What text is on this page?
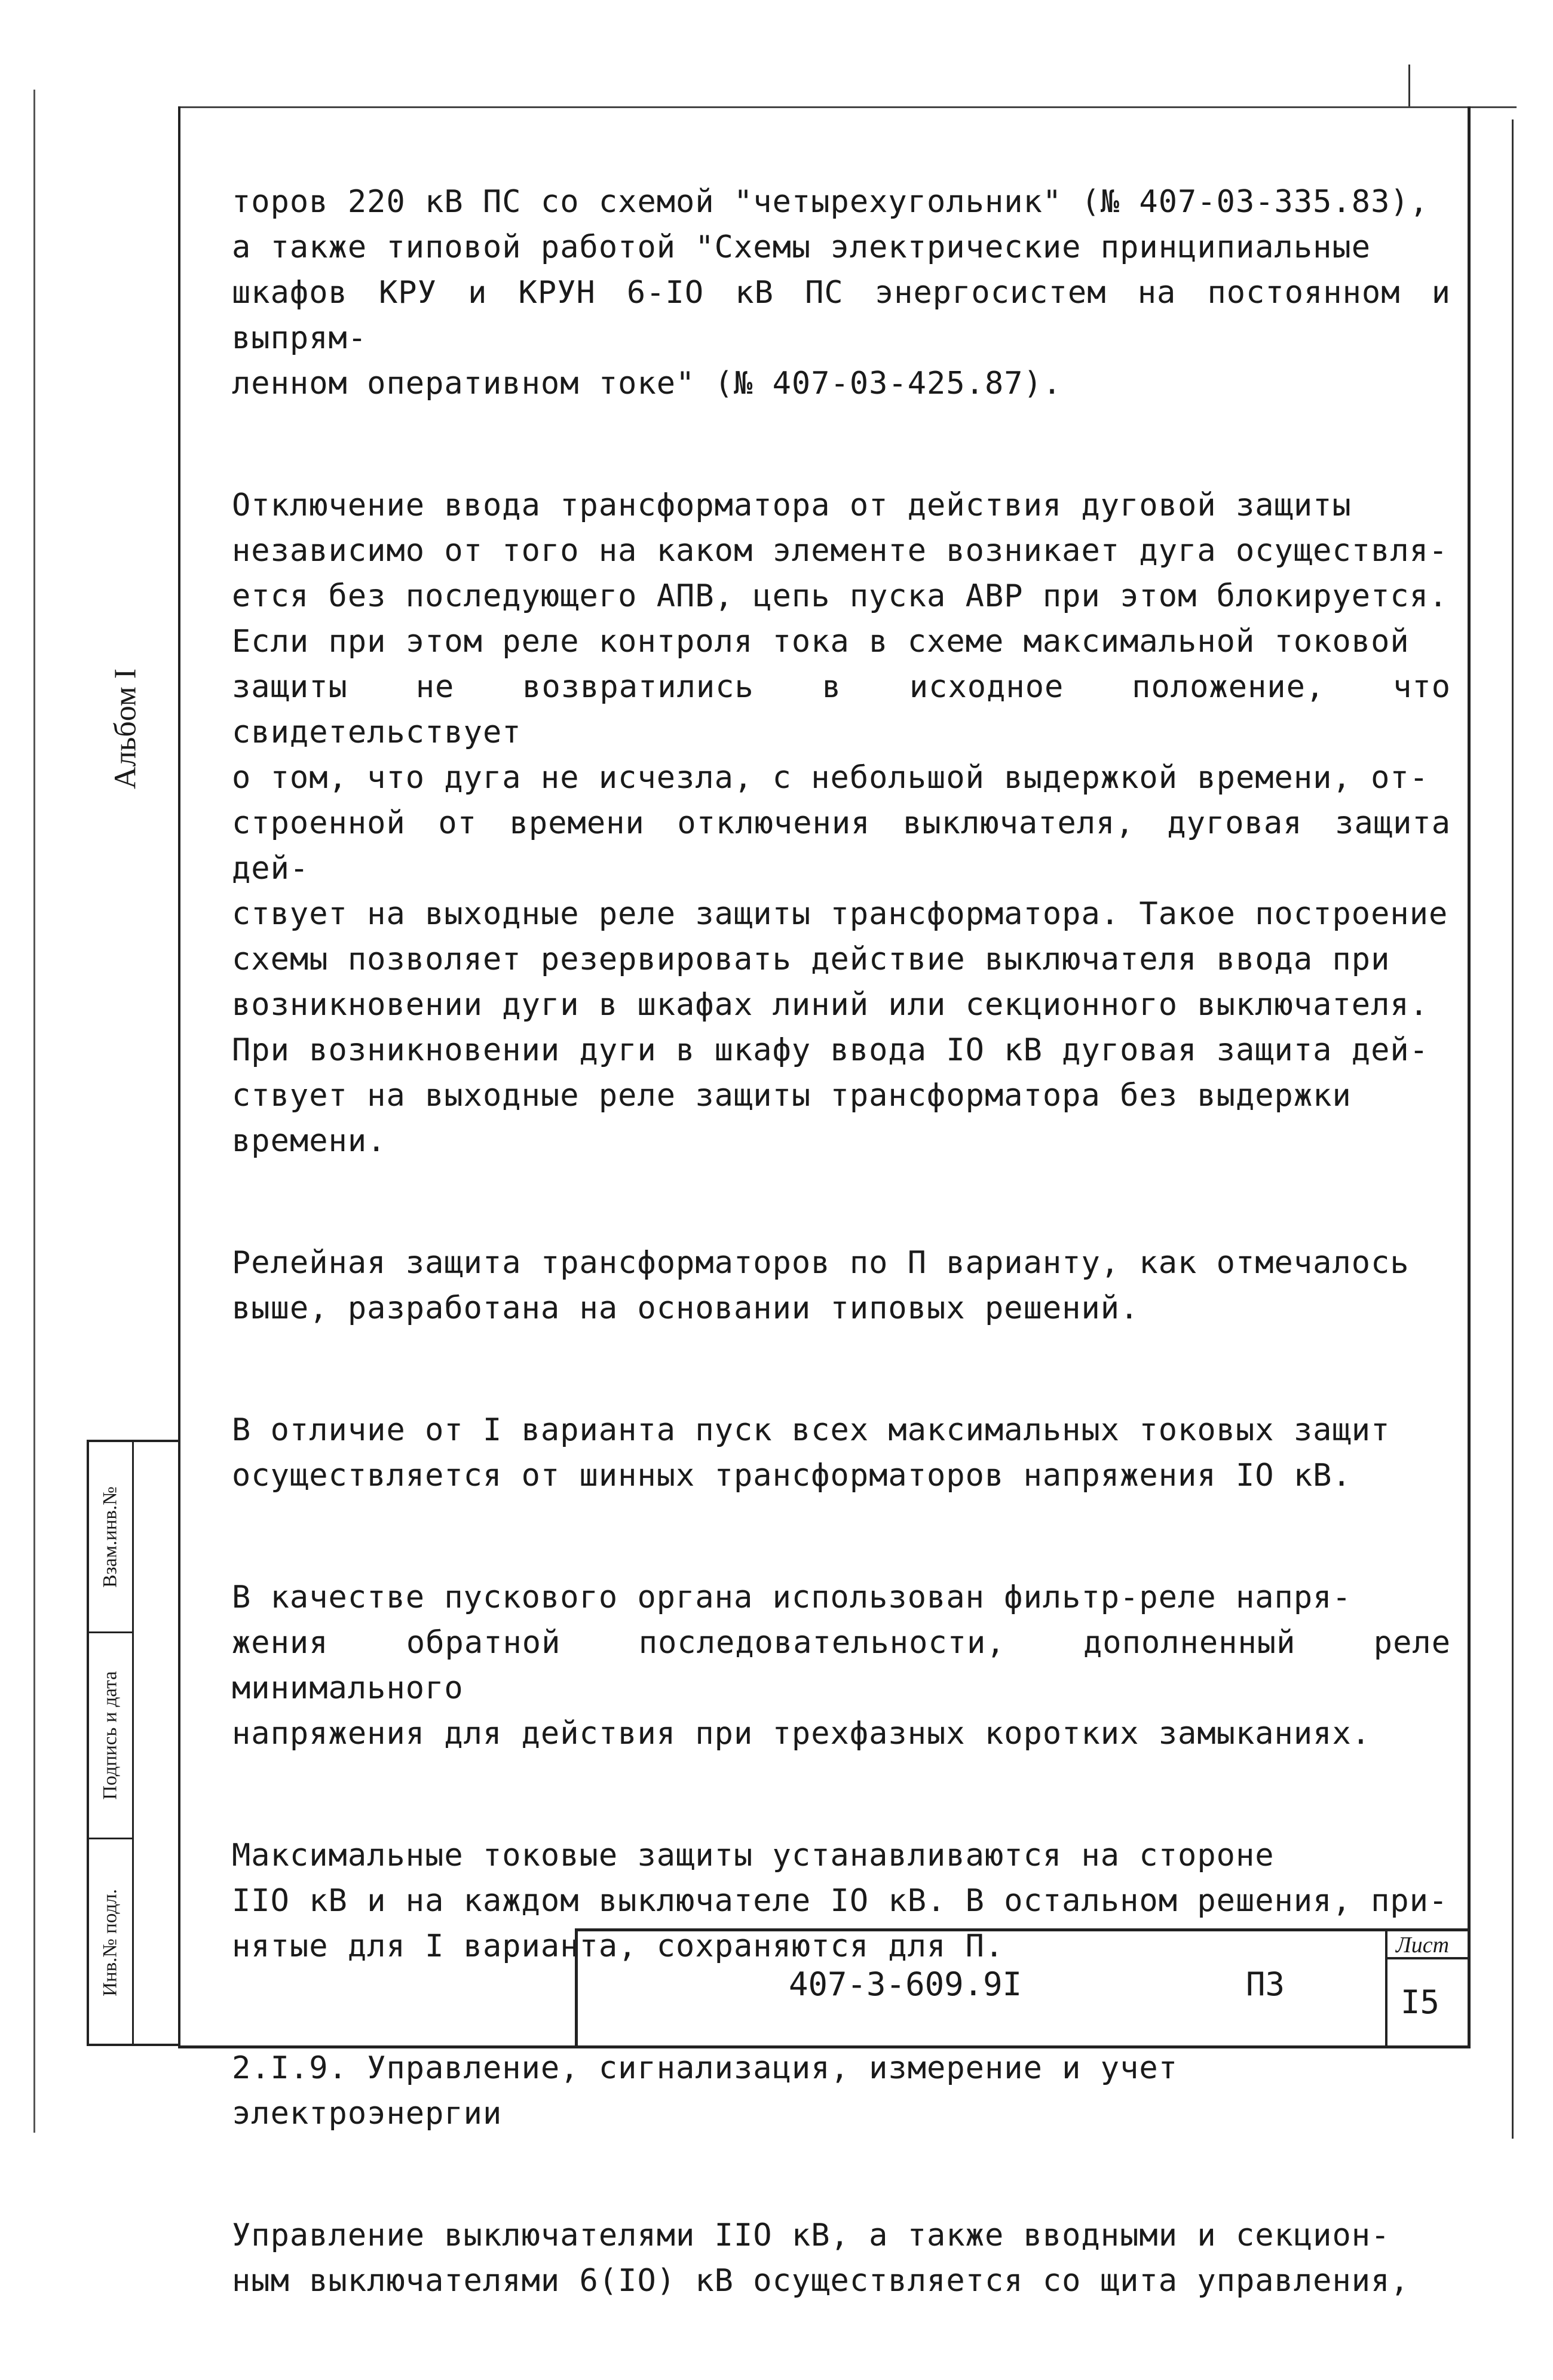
Альбом I

торов 220 кВ ПС со схемой "четырехугольник" (№ 407-03-335.83),
а также типовой работой "Схемы электрические принципиальные
шкафов КРУ и КРУН 6-IO кВ ПС энергосистем на постоянном и выпрям-
ленном оперативном токе" (№ 407-03-425.87).

Отключение ввода трансформатора от действия дуговой защиты
независимо от того на каком элементе возникает дуга осуществля-
ется без последующего АПВ, цепь пуска АВР при этом блокируется.
Если при этом реле контроля тока в схеме максимальной токовой
защиты не возвратились в исходное положение, что свидетельствует
о том, что дуга не исчезла, с небольшой выдержкой времени, от-
строенной от времени отключения выключателя, дуговая защита дей-
ствует на выходные реле защиты трансформатора. Такое построение
схемы позволяет резервировать действие выключателя ввода при
возникновении дуги в шкафах линий или секционного выключателя.
При возникновении дуги в шкафу ввода IO кВ дуговая защита дей-
ствует на выходные реле защиты трансформатора без выдержки
времени.

Релейная защита трансформаторов по П варианту, как отмечалось
выше, разработана на основании типовых решений.

В отличие от I варианта пуск всех максимальных токовых защит
осуществляется от шинных трансформаторов напряжения IO кВ.

В качестве пускового органа использован фильтр-реле напря-
жения обратной последовательности, дополненный реле минимального
напряжения для действия при трехфазных коротких замыканиях.

Максимальные токовые защиты устанавливаются на стороне
IIO кВ и на каждом выключателе IO кВ. В остальном решения, при-
нятые для I варианта, сохраняются для П.

2.I.9. Управление, сигнализация, измерение и учет
электроэнергии

Управление выключателями IIO кВ, а также вводными и секцион-
ным выключателями 6(IO) кВ осуществляется со щита управления,

Взам.инв.№
Подпись и дата
Инв.№ подл.	407-3-609.9I	ПЗ
Лист
I5
